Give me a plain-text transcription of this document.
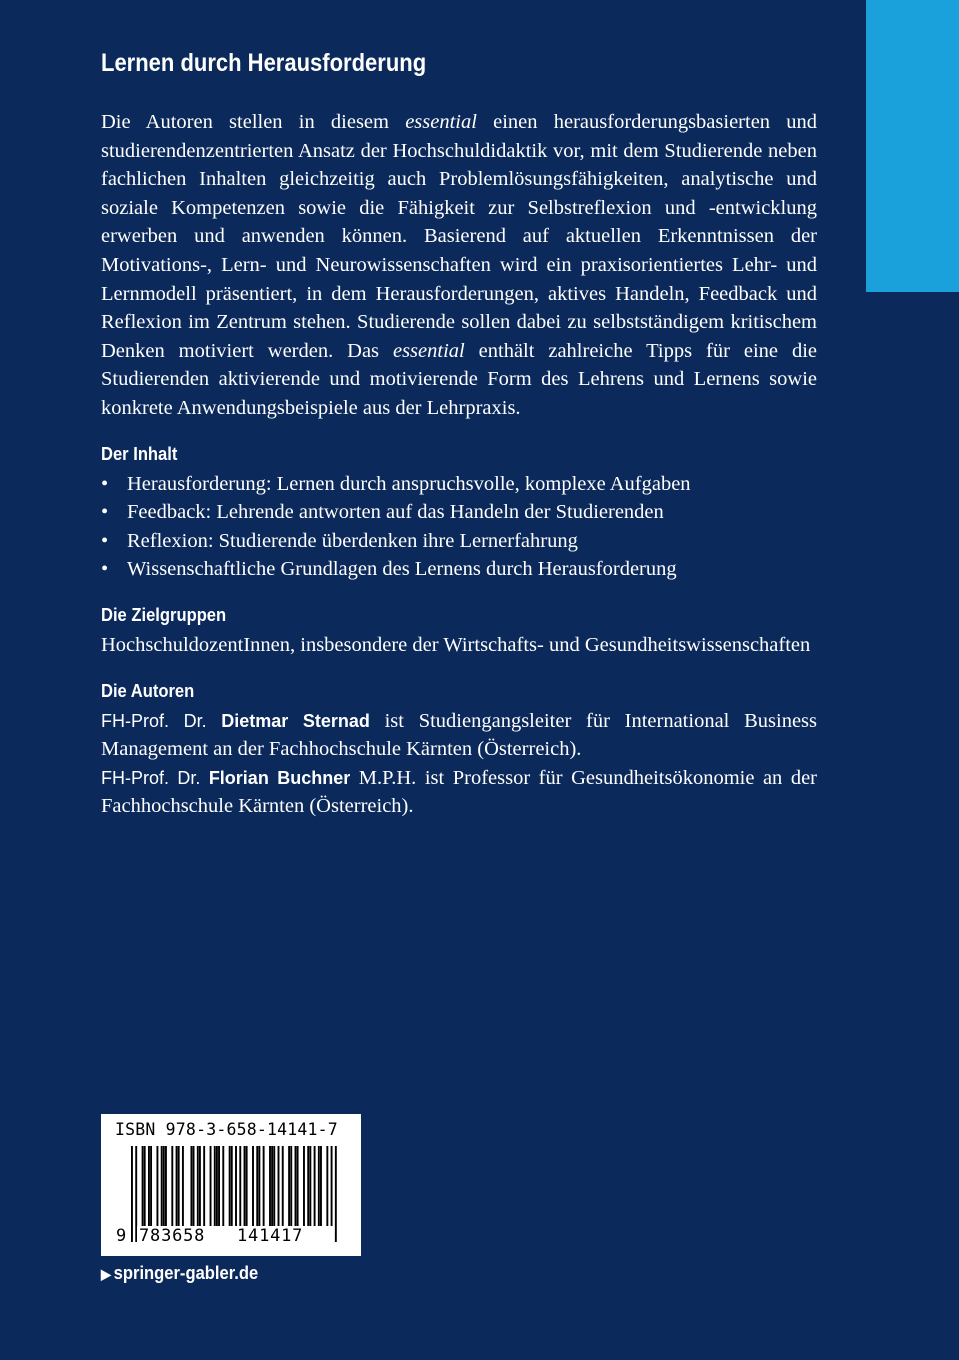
Lernen durch Herausforderung

Die Autoren stellen in diesem essential einen herausforderungsbasierten und studierendenzentrierten Ansatz der Hochschuldidaktik vor, mit dem Studierende neben fachlichen Inhalten gleichzeitig auch Problemlösungsfähigkeiten, analytische und soziale Kompetenzen sowie die Fähigkeit zur Selbstreflexion und -entwicklung erwerben und anwenden können. Basierend auf aktuellen Erkenntnissen der Motivations-, Lern- und Neurowissenschaften wird ein praxisorientiertes Lehr- und Lernmodell präsentiert, in dem Herausforderungen, aktives Handeln, Feedback und Reflexion im Zentrum stehen. Studierende sollen dabei zu selbstständigem kritischem Denken motiviert werden. Das essential enthält zahlreiche Tipps für eine die Studierenden aktivierende und motivierende Form des Lehrens und Lernens sowie konkrete Anwendungsbeispiele aus der Lehrpraxis.

Der Inhalt
• Herausforderung: Lernen durch anspruchsvolle, komplexe Aufgaben
• Feedback: Lehrende antworten auf das Handeln der Studierenden
• Reflexion: Studierende überdenken ihre Lernerfahrung
• Wissenschaftliche Grundlagen des Lernens durch Herausforderung
Die Zielgruppen

HochschuldozentInnen, insbesondere der Wirtschafts- und Gesundheitswissenschaften

Die Autoren

FH-Prof. Dr. Dietmar Sternad ist Studiengangsleiter für International Business Management an der Fachhochschule Kärnten (Österreich).

FH-Prof. Dr. Florian Buchner M.P.H. ist Professor für Gesundheitsökonomie an der Fachhochschule Kärnten (Österreich).

ISBN 978-3-658-14141-7
9 783658	141417
▶ springer-gabler.de
